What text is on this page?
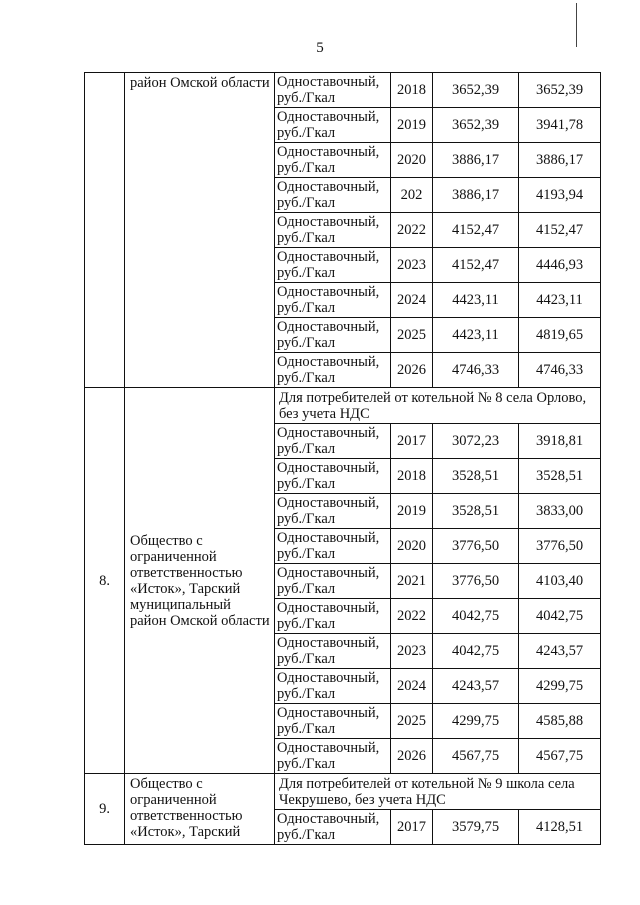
5
	район Омской области	Одноставочный,
руб./Гкал	2018	3652,39	3652,39

		Одноставочный,
руб./Гкал	2019	3652,39	3941,78

		Одноставочный,
руб./Гкал	2020	3886,17	3886,17

		Одноставочный,
руб./Гкал	202	3886,17	4193,94

		Одноставочный,
руб./Гкал	2022	4152,47	4152,47

		Одноставочный,
руб./Гкал	2023	4152,47	4446,93

		Одноставочный,
руб./Гкал	2024	4423,11	4423,11

		Одноставочный,
руб./Гкал	2025	4423,11	4819,65

		Одноставочный,
руб./Гкал	2026	4746,33	4746,33
8.	Общество с ограниченной ответственностью «Исток», Тарский муниципальный район Омской области	Для потребителей от котельной № 8 села Орлово, без учета НДС			

		Одноставочный,
руб./Гкал	2017	3072,23	3918,81

		Одноставочный,
руб./Гкал	2018	3528,51	3528,51

		Одноставочный,
руб./Гкал	2019	3528,51	3833,00

		Одноставочный,
руб./Гкал	2020	3776,50	3776,50

		Одноставочный,
руб./Гкал	2021	3776,50	4103,40

		Одноставочный,
руб./Гкал	2022	4042,75	4042,75

		Одноставочный,
руб./Гкал	2023	4042,75	4243,57

		Одноставочный,
руб./Гкал	2024	4243,57	4299,75

		Одноставочный,
руб./Гкал	2025	4299,75	4585,88

		Одноставочный,
руб./Гкал	2026	4567,75	4567,75
9.	Общество с ограниченной ответственностью «Исток», Тарский	Для потребителей от котельной № 9 школа села Чекрушево, без учета НДС			

		Одноставочный,
руб./Гкал	2017	3579,75	4128,51
